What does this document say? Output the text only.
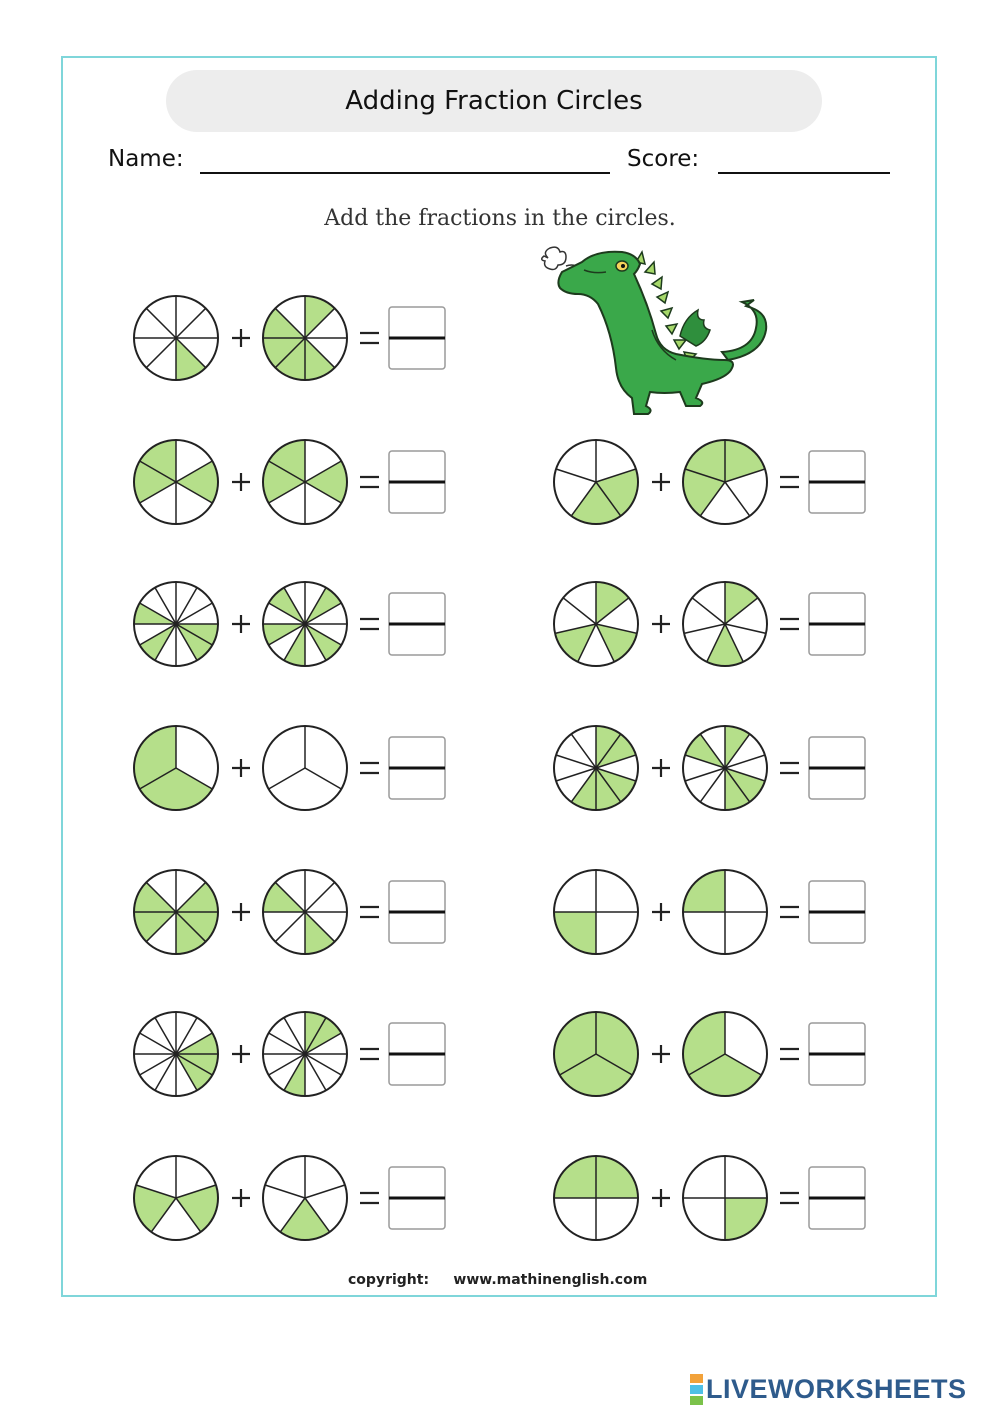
Adding Fraction Circles
Name:	Score:
Add the fractions in the circles.
copyright: www.mathinenglish.com
LIVEWORKSHEETS
